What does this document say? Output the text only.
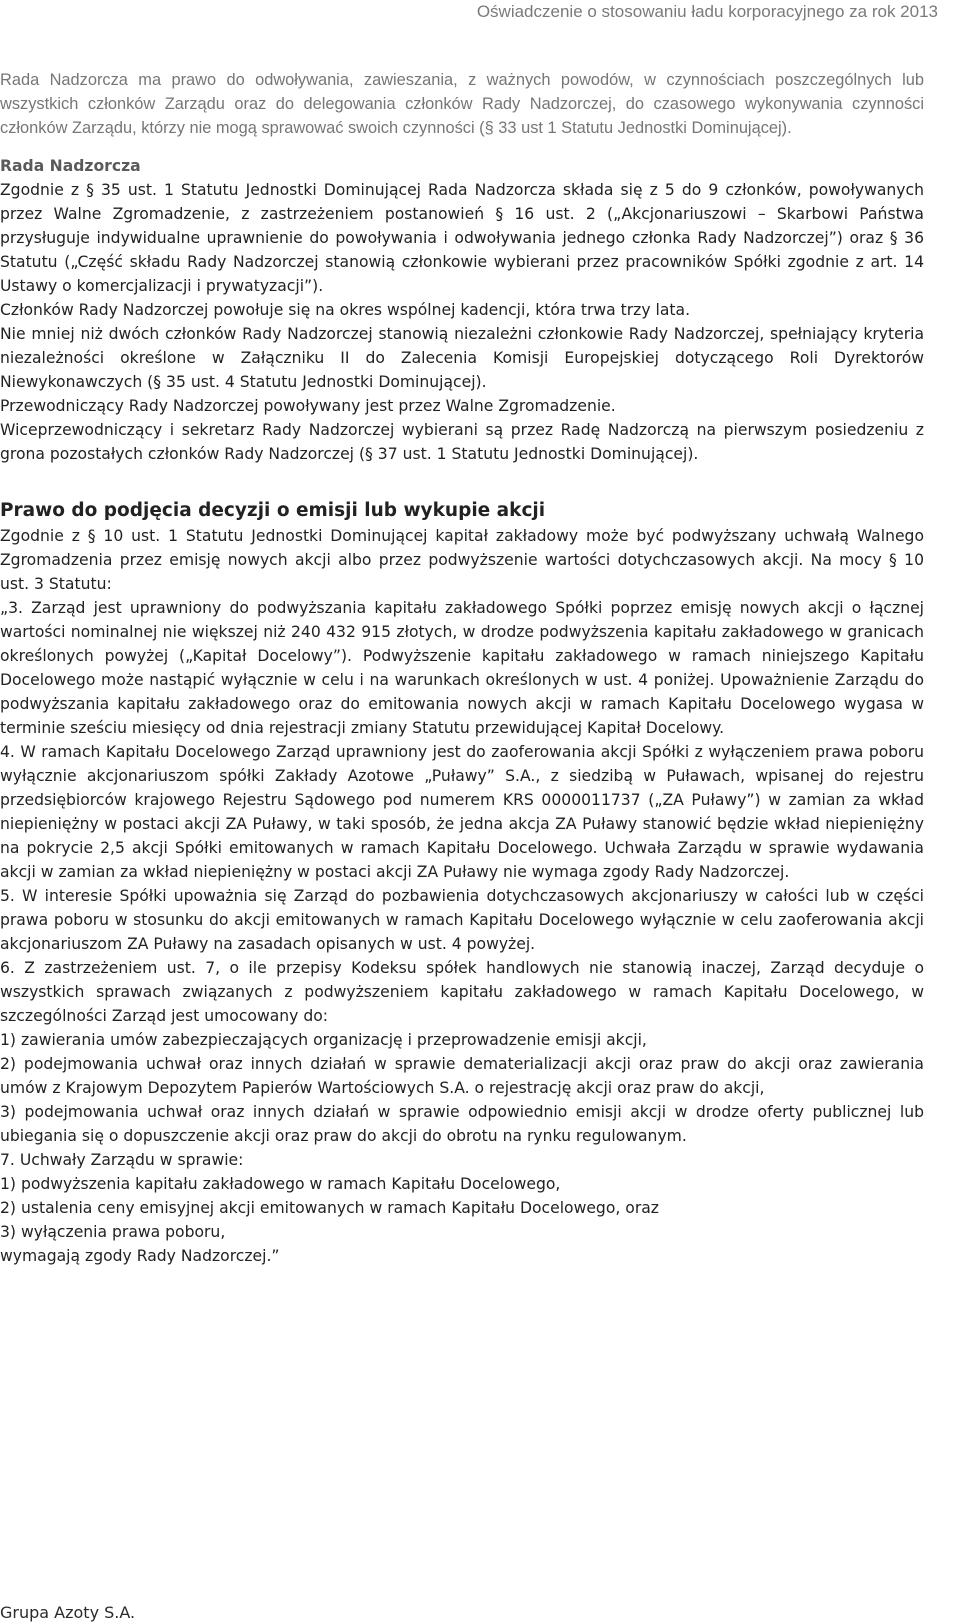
Oświadczenie o stosowaniu ładu korporacyjnego za rok 2013

Rada Nadzorcza ma prawo do odwoływania, zawieszania, z ważnych powodów, w czynnościach poszczególnych lub wszystkich członków Zarządu oraz do delegowania członków Rady Nadzorczej, do czasowego wykonywania czynności członków Zarządu, którzy nie mogą sprawować swoich czynności (§ 33 ust 1 Statutu Jednostki Dominującej).

Rada Nadzorcza

Zgodnie z § 35 ust. 1 Statutu Jednostki Dominującej Rada Nadzorcza składa się z 5 do 9 członków, powoływanych przez Walne Zgromadzenie, z zastrzeżeniem postanowień § 16 ust. 2 („Akcjonariuszowi – Skarbowi Państwa przysługuje indywidualne uprawnienie do powoływania i odwoływania jednego członka Rady Nadzorczej”) oraz § 36 Statutu („Część składu Rady Nadzorczej stanowią członkowie wybierani przez pracowników Spółki zgodnie z art. 14 Ustawy o komercjalizacji i prywatyzacji”).

Członków Rady Nadzorczej powołuje się na okres wspólnej kadencji, która trwa trzy lata.

Nie mniej niż dwóch członków Rady Nadzorczej stanowią niezależni członkowie Rady Nadzorczej, spełniający kryteria niezależności określone w Załączniku II do Zalecenia Komisji Europejskiej dotyczącego Roli Dyrektorów Niewykonawczych (§ 35 ust. 4 Statutu Jednostki Dominującej).

Przewodniczący Rady Nadzorczej powoływany jest przez Walne Zgromadzenie.

Wiceprzewodniczący i sekretarz Rady Nadzorczej wybierani są przez Radę Nadzorczą na pierwszym posiedzeniu z grona pozostałych członków Rady Nadzorczej (§ 37 ust. 1 Statutu Jednostki Dominującej).

Prawo do podjęcia decyzji o emisji lub wykupie akcji

Zgodnie z § 10 ust. 1 Statutu Jednostki Dominującej kapitał zakładowy może być podwyższany uchwałą Walnego Zgromadzenia przez emisję nowych akcji albo przez podwyższenie wartości dotychczasowych akcji. Na mocy § 10 ust. 3 Statutu:

„3. Zarząd jest uprawniony do podwyższania kapitału zakładowego Spółki poprzez emisję nowych akcji o łącznej wartości nominalnej nie większej niż 240 432 915 złotych, w drodze podwyższenia kapitału zakładowego w granicach określonych powyżej („Kapitał Docelowy”). Podwyższenie kapitału zakładowego w ramach niniejszego Kapitału Docelowego może nastąpić wyłącznie w celu i na warunkach określonych w ust. 4 poniżej. Upoważnienie Zarządu do podwyższania kapitału zakładowego oraz do emitowania nowych akcji w ramach Kapitału Docelowego wygasa w terminie sześciu miesięcy od dnia rejestracji zmiany Statutu przewidującej Kapitał Docelowy.

4. W ramach Kapitału Docelowego Zarząd uprawniony jest do zaoferowania akcji Spółki z wyłączeniem prawa poboru wyłącznie akcjonariuszom spółki Zakłady Azotowe „Puławy” S.A., z siedzibą w Puławach, wpisanej do rejestru przedsiębiorców krajowego Rejestru Sądowego pod numerem KRS 0000011737 („ZA Puławy”) w zamian za wkład niepieniężny w postaci akcji ZA Puławy, w taki sposób, że jedna akcja ZA Puławy stanowić będzie wkład niepieniężny na pokrycie 2,5 akcji Spółki emitowanych w ramach Kapitału Docelowego. Uchwała Zarządu w sprawie wydawania akcji w zamian za wkład niepieniężny w postaci akcji ZA Puławy nie wymaga zgody Rady Nadzorczej.

5. W interesie Spółki upoważnia się Zarząd do pozbawienia dotychczasowych akcjonariuszy w całości lub w części prawa poboru w stosunku do akcji emitowanych w ramach Kapitału Docelowego wyłącznie w celu zaoferowania akcji akcjonariuszom ZA Puławy na zasadach opisanych w ust. 4 powyżej.

6. Z zastrzeżeniem ust. 7, o ile przepisy Kodeksu spółek handlowych nie stanowią inaczej, Zarząd decyduje o wszystkich sprawach związanych z podwyższeniem kapitału zakładowego w ramach Kapitału Docelowego, w szczególności Zarząd jest umocowany do:

1) zawierania umów zabezpieczających organizację i przeprowadzenie emisji akcji,

2) podejmowania uchwał oraz innych działań w sprawie dematerializacji akcji oraz praw do akcji oraz zawierania umów z Krajowym Depozytem Papierów Wartościowych S.A. o rejestrację akcji oraz praw do akcji,

3) podejmowania uchwał oraz innych działań w sprawie odpowiednio emisji akcji w drodze oferty publicznej lub ubiegania się o dopuszczenie akcji oraz praw do akcji do obrotu na rynku regulowanym.

7. Uchwały Zarządu w sprawie:

1) podwyższenia kapitału zakładowego w ramach Kapitału Docelowego,

2) ustalenia ceny emisyjnej akcji emitowanych w ramach Kapitału Docelowego, oraz

3) wyłączenia prawa poboru,

wymagają zgody Rady Nadzorczej.”

Grupa Azoty S.A.
